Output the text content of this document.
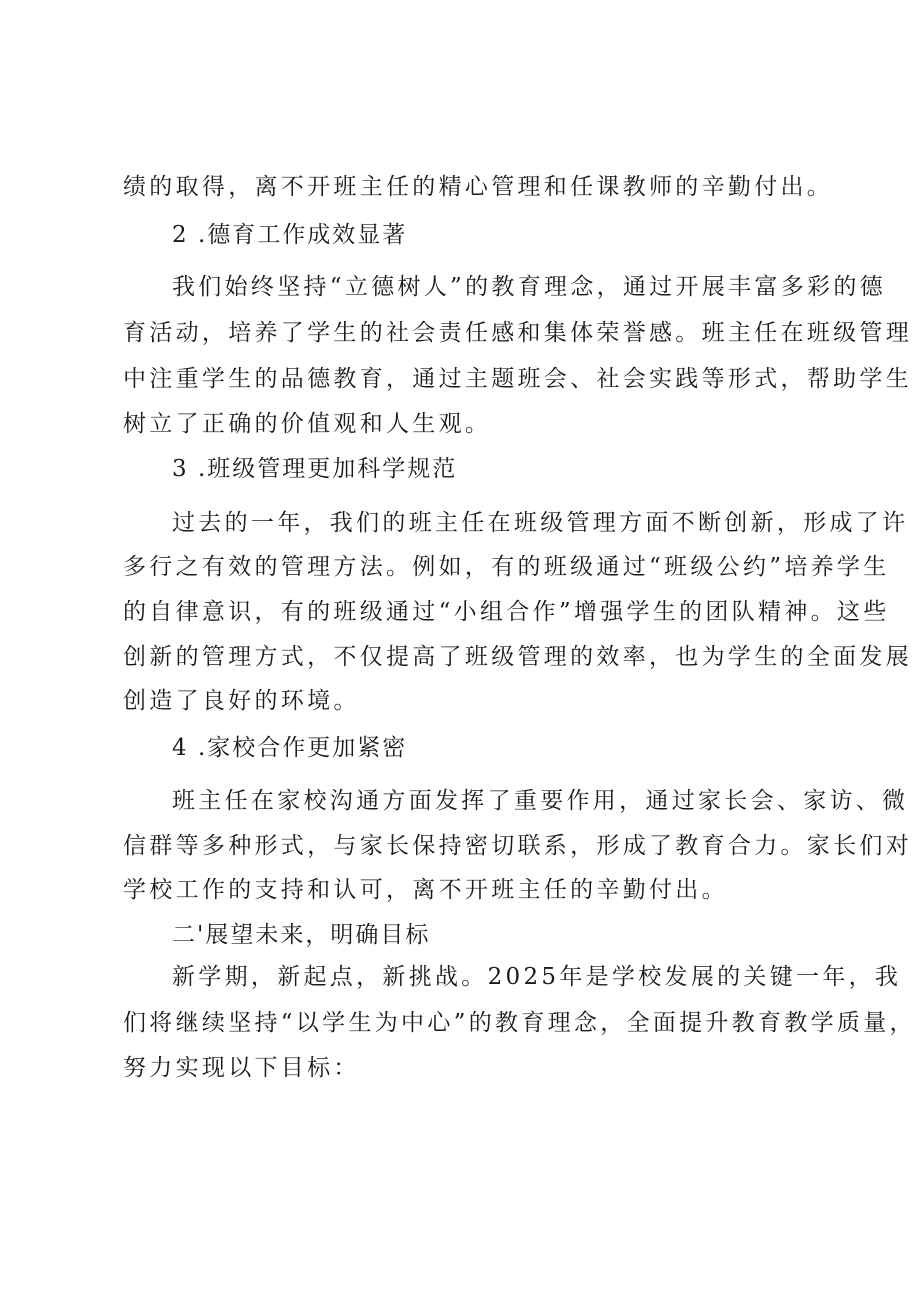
绩的取得，离不开班主任的精心管理和任课教师的辛勤付出。
2 .德育工作成效显著
我们始终坚持“立德树人”的教育理念，通过开展丰富多彩的德
育活动，培养了学生的社会责任感和集体荣誉感。班主任在班级管理
中注重学生的品德教育，通过主题班会、社会实践等形式，帮助学生
树立了正确的价值观和人生观。
3 .班级管理更加科学规范
过去的一年，我们的班主任在班级管理方面不断创新，形成了许
多行之有效的管理方法。例如，有的班级通过“班级公约”培养学生
的自律意识，有的班级通过“小组合作”增强学生的团队精神。这些
创新的管理方式，不仅提高了班级管理的效率，也为学生的全面发展
创造了良好的环境。
4 .家校合作更加紧密
班主任在家校沟通方面发挥了重要作用，通过家长会、家访、微
信群等多种形式，与家长保持密切联系，形成了教育合力。家长们对
学校工作的支持和认可，离不开班主任的辛勤付出。
二'展望未来，明确目标
新学期，新起点，新挑战。2025年是学校发展的关键一年，我
们将继续坚持“以学生为中心”的教育理念，全面提升教育教学质量，
努力实现以下目标：
